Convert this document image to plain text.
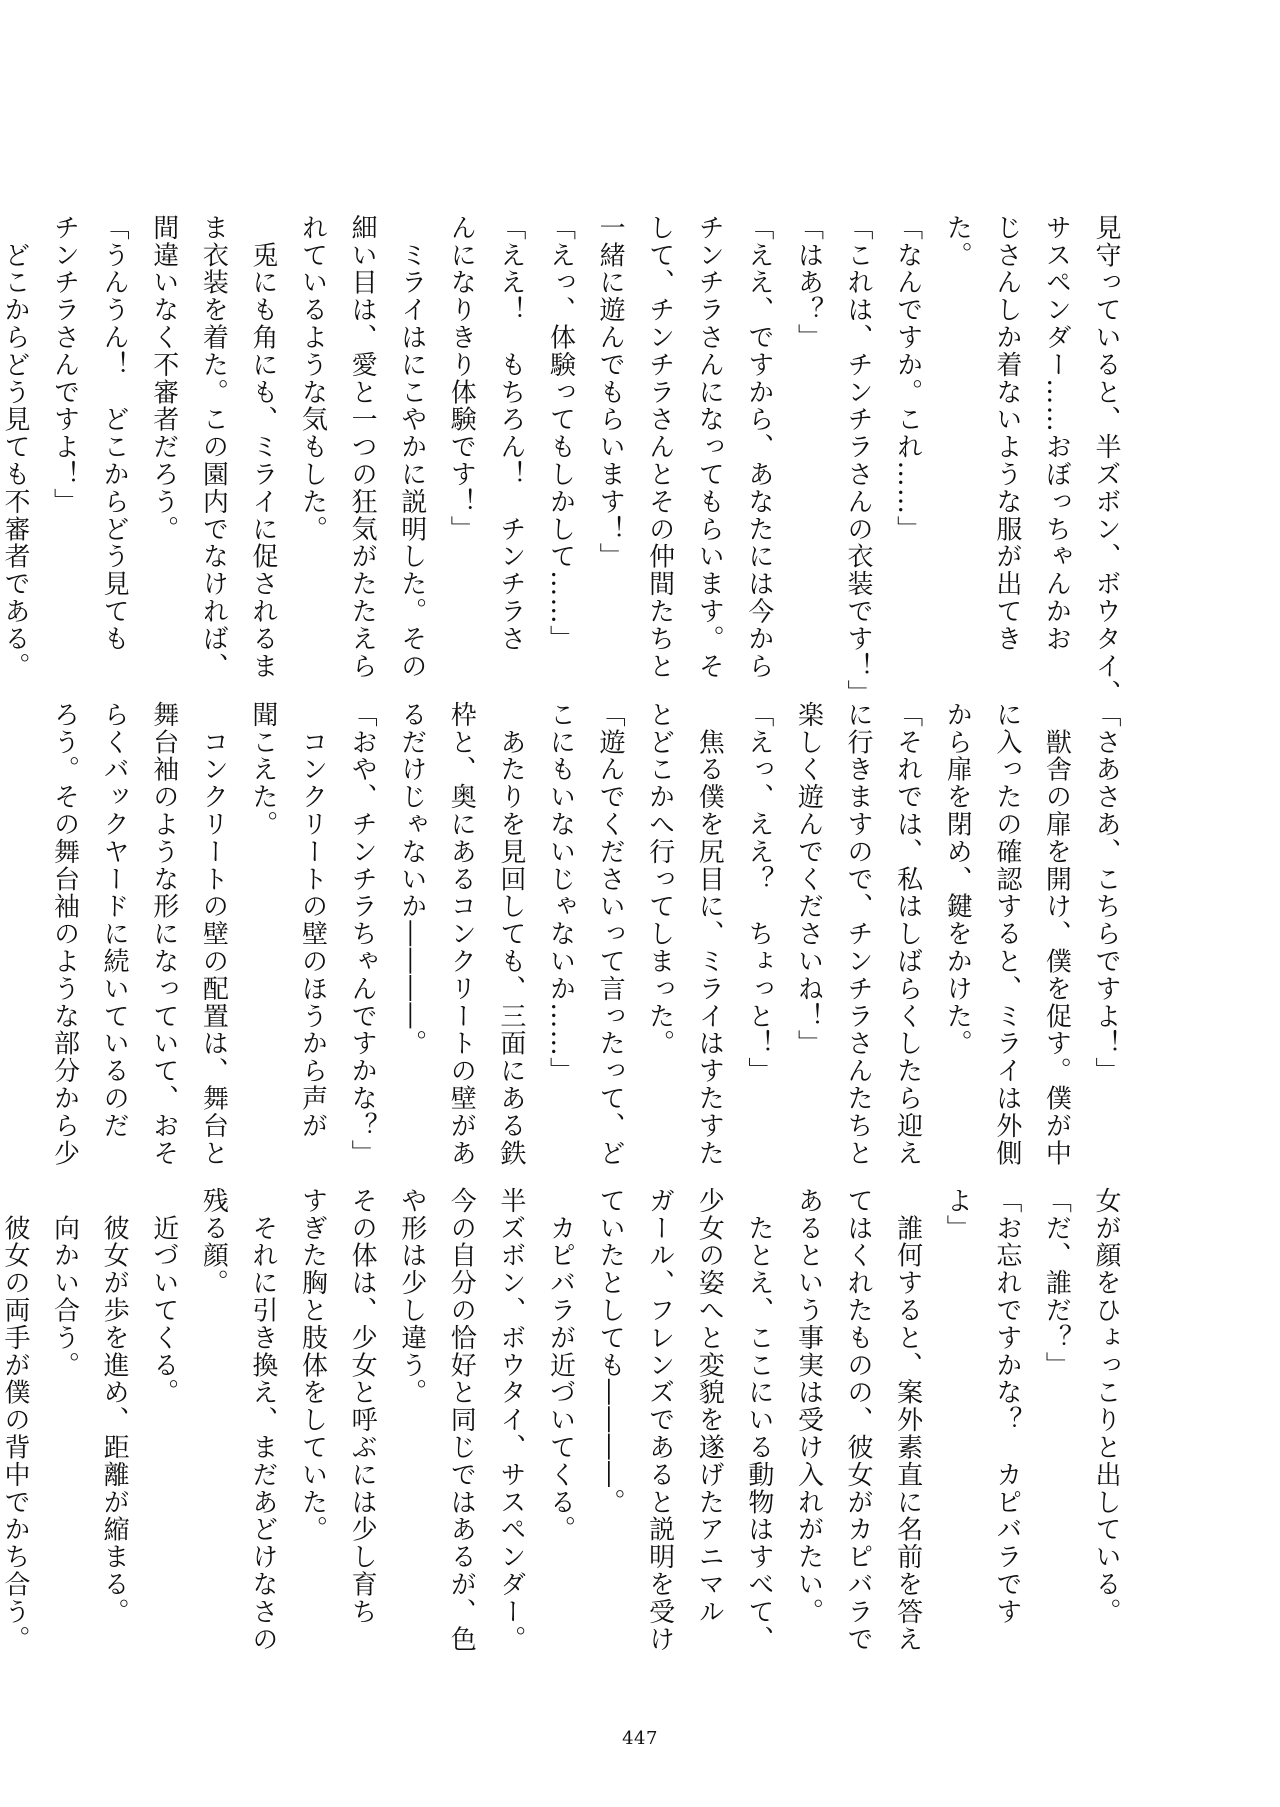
見守っていると、半ズボン、ボウタイ、

サスペンダー……おぼっちゃんかお

じさんしか着ないような服が出てき

た。

「なんですか。これ……」

「これは、チンチラさんの衣装です！」

「はあ？」

「ええ、ですから、あなたには今から

チンチラさんになってもらいます。そ

して、チンチラさんとその仲間たちと

一緒に遊んでもらいます！」

「えっ、体験ってもしかして……」

「ええ！　もちろん！　チンチラさ

んになりきり体験です！」

　ミライはにこやかに説明した。その

細い目は、愛と一つの狂気がたたえら

れているような気もした。

　兎にも角にも、ミライに促されるま

ま衣装を着た。この園内でなければ、

間違いなく不審者だろう。

「うんうん！　どこからどう見ても

チンチラさんですよ！」

　どこからどう見ても不審者である。

「さあさあ、こちらですよ！」

　獣舎の扉を開け、僕を促す。僕が中

に入ったの確認すると、ミライは外側

から扉を閉め、鍵をかけた。

「それでは、私はしばらくしたら迎え

に行きますので、チンチラさんたちと

楽しく遊んでくださいね！」

「えっ、ええ？　ちょっと！」

　焦る僕を尻目に、ミライはすたすた

とどこかへ行ってしまった。

「遊んでくださいって言ったって、ど

こにもいないじゃないか……」

　あたりを見回しても、三面にある鉄

枠と、奥にあるコンクリートの壁があ

るだけじゃないか――――。

「おや、チンチラちゃんですかな？」

　コンクリートの壁のほうから声が

聞こえた。

　コンクリートの壁の配置は、舞台と

舞台袖のような形になっていて、おそ

らくバックヤードに続いているのだ

ろう。その舞台袖のような部分から少

女が顔をひょっこりと出している。

「だ、誰だ？」

「お忘れですかな？　カピバラです

よ」

　誰何すると、案外素直に名前を答え

てはくれたものの、彼女がカピバラで

あるという事実は受け入れがたい。

　たとえ、ここにいる動物はすべて、

少女の姿へと変貌を遂げたアニマル

ガール、フレンズであると説明を受け

ていたとしても――――。

　カピバラが近づいてくる。

半ズボン、ボウタイ、サスペンダー。

今の自分の恰好と同じではあるが、色

や形は少し違う。

その体は、少女と呼ぶには少し育ち

すぎた胸と肢体をしていた。

　それに引き換え、まだあどけなさの

残る顔。

　近づいてくる。

　彼女が歩を進め、距離が縮まる。

　向かい合う。

　彼女の両手が僕の背中でかち合う。

447
